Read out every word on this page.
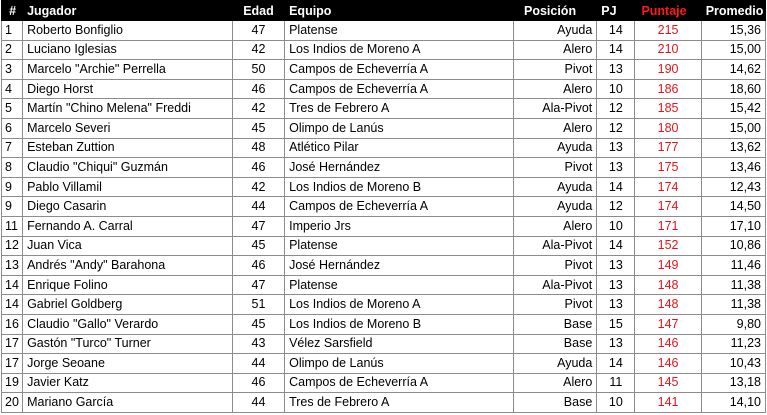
#	Jugador	Edad	Equipo	Posición	PJ	Puntaje	Promedio
1	Roberto Bonfiglio	47	Platense	Ayuda	14	215	15,36
2	Luciano Iglesias	42	Los Indios de Moreno A	Alero	14	210	15,00
3	Marcelo "Archie" Perrella	50	Campos de Echeverría A	Pivot	13	190	14,62
4	Diego Horst	46	Campos de Echeverría A	Alero	10	186	18,60
5	Martín "Chino Melena" Freddi	42	Tres de Febrero A	Ala-Pivot	12	185	15,42
6	Marcelo Severi	45	Olimpo de Lanús	Alero	12	180	15,00
7	Esteban Zuttion	48	Atlético Pilar	Ayuda	13	177	13,62
8	Claudio "Chiqui" Guzmán	46	José Hernández	Pivot	13	175	13,46
9	Pablo Villamil	42	Los Indios de Moreno B	Ayuda	14	174	12,43
9	Diego Casarin	44	Campos de Echeverría A	Ayuda	12	174	14,50
11	Fernando A. Carral	47	Imperio Jrs	Alero	10	171	17,10
12	Juan Vica	45	Platense	Ala-Pivot	14	152	10,86
13	Andrés "Andy" Barahona	46	José Hernández	Pivot	13	149	11,46
14	Enrique Folino	47	Platense	Ala-Pivot	13	148	11,38
14	Gabriel Goldberg	51	Los Indios de Moreno A	Pivot	13	148	11,38
16	Claudio "Gallo" Verardo	45	Los Indios de Moreno B	Base	15	147	9,80
17	Gastón "Turco" Turner	43	Vélez Sarsfield	Base	13	146	11,23
17	Jorge Seoane	44	Olimpo de Lanús	Ayuda	14	146	10,43
19	Javier Katz	46	Campos de Echeverría A	Alero	11	145	13,18
20	Mariano García	44	Tres de Febrero A	Base	10	141	14,10
